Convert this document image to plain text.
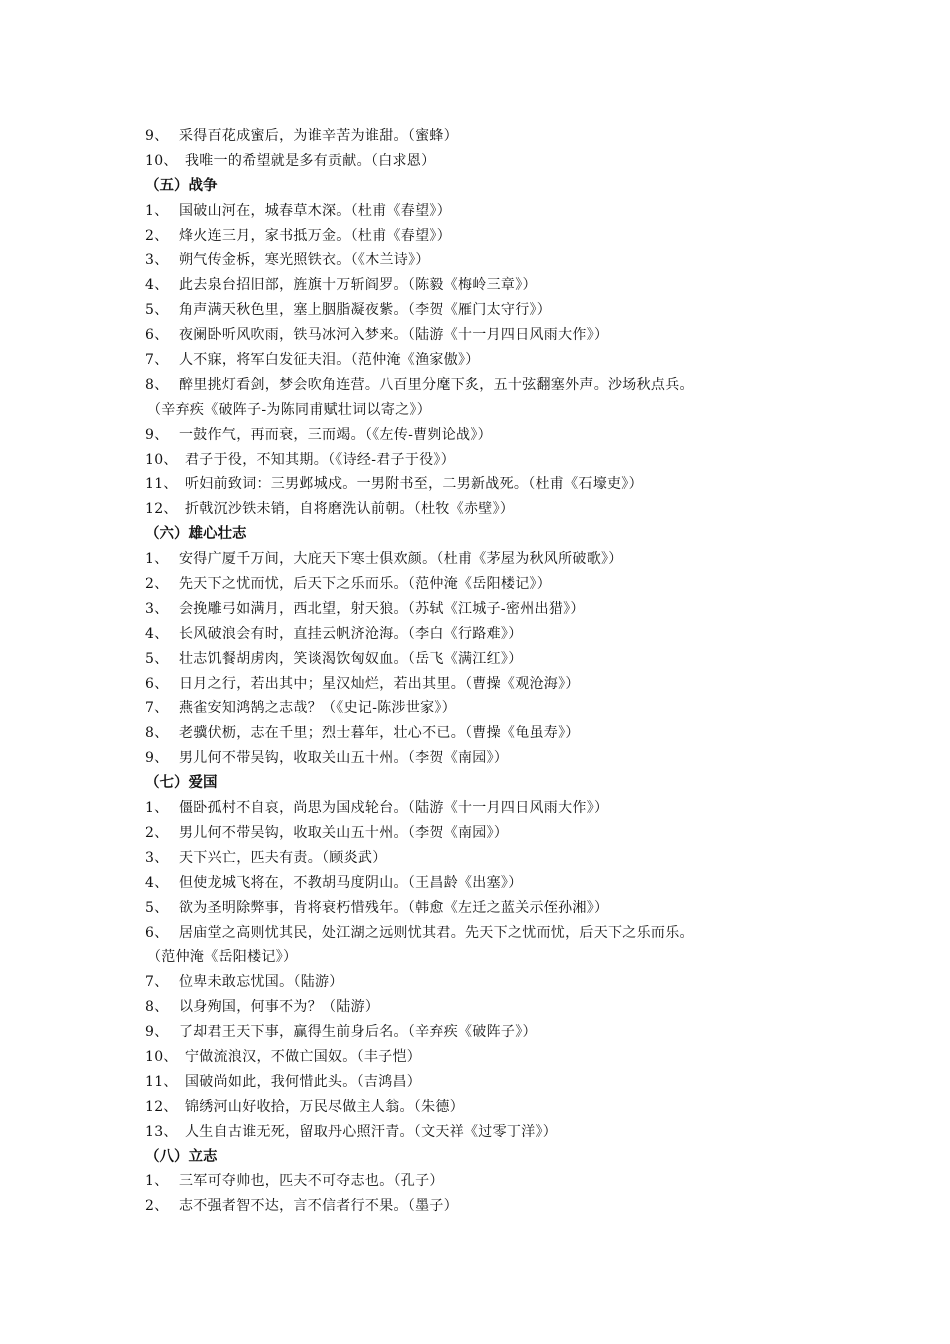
9、 采得百花成蜜后，为谁辛苦为谁甜。（蜜蜂）
10、 我唯一的希望就是多有贡献。（白求恩）
（五）战争
1、 国破山河在，城春草木深。（杜甫《春望》）
2、 烽火连三月，家书抵万金。（杜甫《春望》）
3、 朔气传金柝，寒光照铁衣。（《木兰诗》）
4、 此去泉台招旧部，旌旗十万斩阎罗。（陈毅《梅岭三章》）
5、 角声满天秋色里，塞上胭脂凝夜紫。（李贺《雁门太守行》）
6、 夜阑卧听风吹雨，铁马冰河入梦来。（陆游《十一月四日风雨大作》）
7、 人不寐，将军白发征夫泪。（范仲淹《渔家傲》）
8、 醉里挑灯看剑，梦会吹角连营。八百里分麾下炙，五十弦翻塞外声。沙场秋点兵。
（辛弃疾《破阵子-为陈同甫赋壮词以寄之》）
9、 一鼓作气，再而衰，三而竭。（《左传-曹刿论战》）
10、 君子于役，不知其期。（《诗经-君子于役》）
11、 听妇前致词：三男邺城戍。一男附书至，二男新战死。（杜甫《石壕吏》）
12、 折戟沉沙铁未销，自将磨洗认前朝。（杜牧《赤壁》）
（六）雄心壮志
1、 安得广厦千万间，大庇天下寒士俱欢颜。（杜甫《茅屋为秋风所破歌》）
2、 先天下之忧而忧，后天下之乐而乐。（范仲淹《岳阳楼记》）
3、 会挽雕弓如满月，西北望，射天狼。（苏轼《江城子-密州出猎》）
4、 长风破浪会有时，直挂云帆济沧海。（李白《行路难》）
5、 壮志饥餐胡虏肉，笑谈渴饮匈奴血。（岳飞《满江红》）
6、 日月之行，若出其中；星汉灿烂，若出其里。（曹操《观沧海》）
7、 燕雀安知鸿鹄之志哉？（《史记-陈涉世家》）
8、 老骥伏枥，志在千里；烈士暮年，壮心不已。（曹操《龟虽寿》）
9、 男儿何不带吴钩，收取关山五十州。（李贺《南园》）
（七）爱国
1、 僵卧孤村不自哀，尚思为国戍轮台。（陆游《十一月四日风雨大作》）
2、 男儿何不带吴钩，收取关山五十州。（李贺《南园》）
3、 天下兴亡，匹夫有责。（顾炎武）
4、 但使龙城飞将在，不教胡马度阴山。（王昌龄《出塞》）
5、 欲为圣明除弊事，肯将衰朽惜残年。（韩愈《左迁之蓝关示侄孙湘》）
6、 居庙堂之高则忧其民，处江湖之远则忧其君。先天下之忧而忧，后天下之乐而乐。
（范仲淹《岳阳楼记》）
7、 位卑未敢忘忧国。（陆游）
8、 以身殉国，何事不为？（陆游）
9、 了却君王天下事，赢得生前身后名。（辛弃疾《破阵子》）
10、 宁做流浪汉，不做亡国奴。（丰子恺）
11、 国破尚如此，我何惜此头。（吉鸿昌）
12、 锦绣河山好收拾，万民尽做主人翁。（朱德）
13、 人生自古谁无死，留取丹心照汗青。（文天祥《过零丁洋》）
（八）立志
1、 三军可夺帅也，匹夫不可夺志也。（孔子）
2、 志不强者智不达，言不信者行不果。（墨子）
